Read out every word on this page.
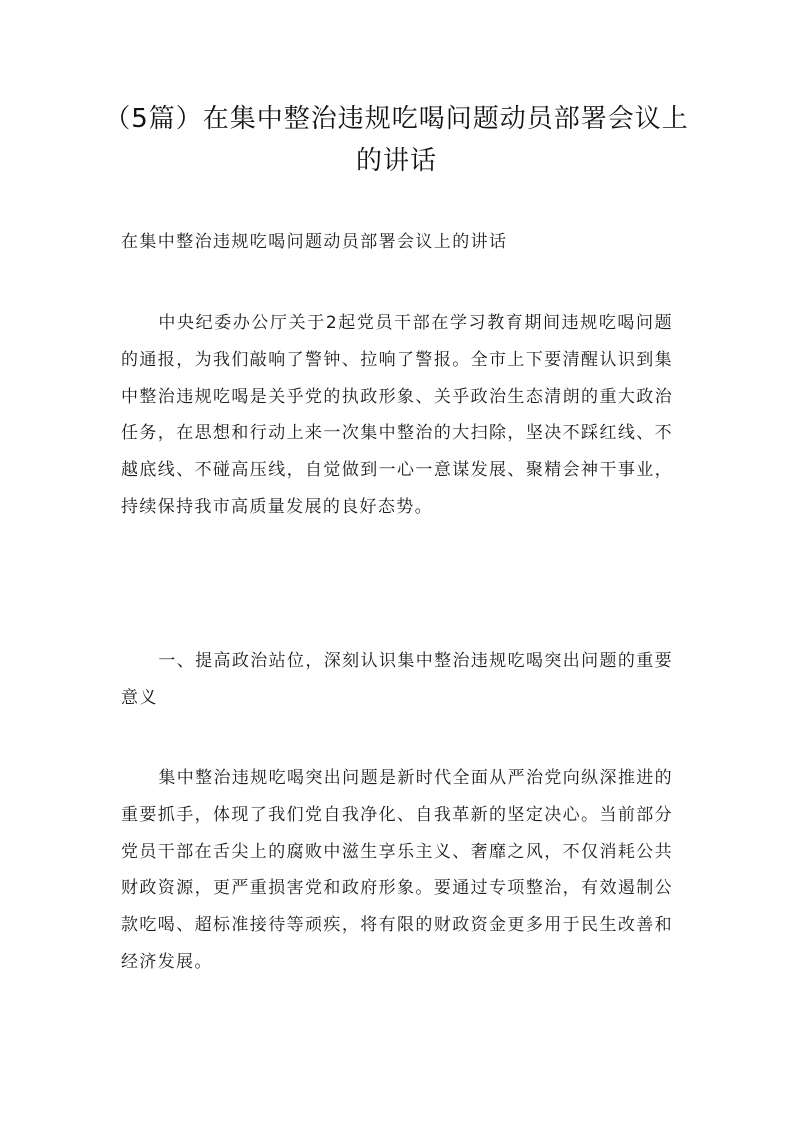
（5篇）在集中整治违规吃喝问题动员部署会议上的讲话

在集中整治违规吃喝问题动员部署会议上的讲话

中央纪委办公厅关于2起党员干部在学习教育期间违规吃喝问题的通报，为我们敲响了警钟、拉响了警报。全市上下要清醒认识到集中整治违规吃喝是关乎党的执政形象、关乎政治生态清朗的重大政治任务，在思想和行动上来一次集中整治的大扫除，坚决不踩红线、不越底线、不碰高压线，自觉做到一心一意谋发展、聚精会神干事业，持续保持我市高质量发展的良好态势。

一、提高政治站位，深刻认识集中整治违规吃喝突出问题的重要意义

集中整治违规吃喝突出问题是新时代全面从严治党向纵深推进的重要抓手，体现了我们党自我净化、自我革新的坚定决心。当前部分党员干部在舌尖上的腐败中滋生享乐主义、奢靡之风，不仅消耗公共财政资源，更严重损害党和政府形象。要通过专项整治，有效遏制公款吃喝、超标准接待等顽疾，将有限的财政资金更多用于民生改善和经济发展。
